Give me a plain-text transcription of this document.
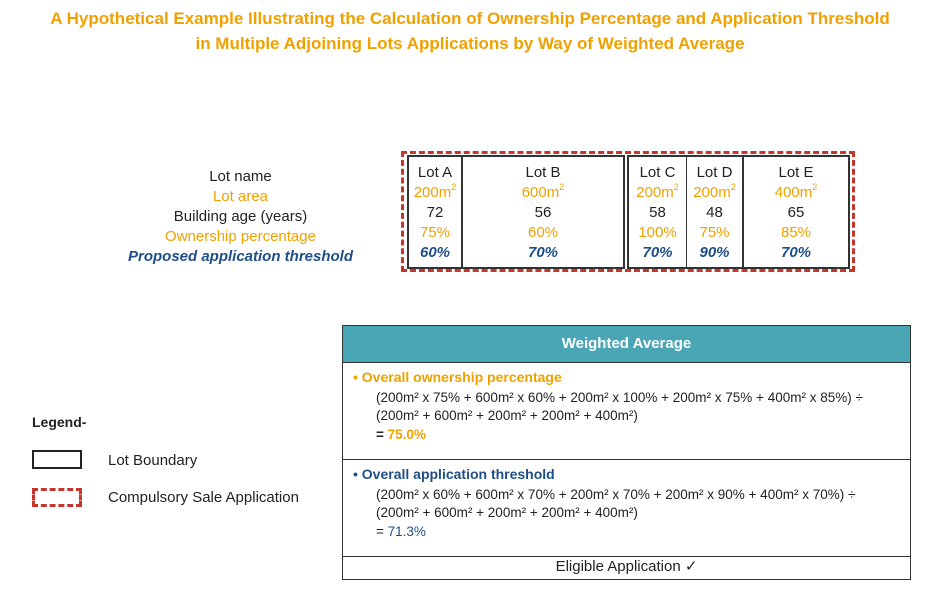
A Hypothetical Example Illustrating the Calculation of Ownership Percentage and Application Threshold
in Multiple Adjoining Lots Applications by Way of Weighted Average
Lot name
Lot area
Building age (years)
Ownership percentage
Proposed application threshold
Lot A
$200m^2$
72
75%
60%
Lot B
$600m^2$
56
60%
70%
Lot C
$200m^2$
58
100%
70%
Lot D
$200m^2$
48
75%
90%
Lot E
$400m^2$
65
85%
70%
Legend-
Lot Boundary
Compulsory Sale Application
Weighted Average
• Overall ownership percentage
(200m² x 75% + 600m² x 60% + 200m² x 100% + 200m² x 75% + 400m² x 85%) ÷
(200m² + 600m² + 200m² + 200m² + 400m²)
= 75.0%
• Overall application threshold
(200m² x 60% + 600m² x 70% + 200m² x 70% + 200m² x 90% + 400m² x 70%) ÷
(200m² + 600m² + 200m² + 200m² + 400m²)
= 71.3%
Eligible Application ✓
